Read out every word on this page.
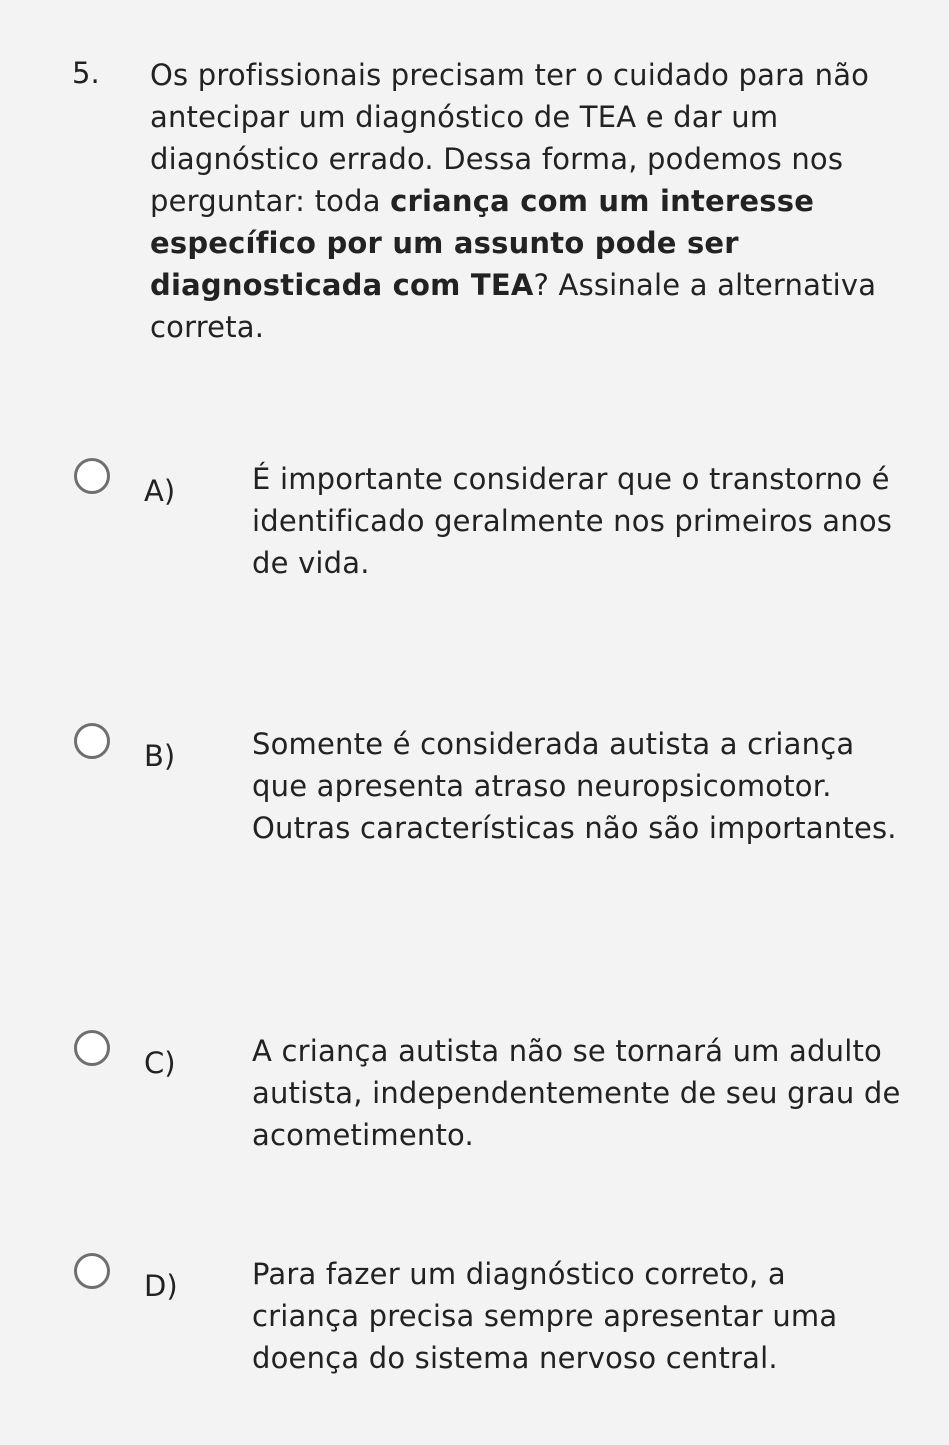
5. Os profissionais precisam ter o cuidado para não antecipar um diagnóstico de TEA e dar um diagnóstico errado. Dessa forma, podemos nos perguntar: toda criança com um interesse específico por um assunto pode ser diagnosticada com TEA? Assinale a alternativa correta.
A)	É importante considerar que o transtorno é identificado geralmente nos primeiros anos de vida.
B)	Somente é considerada autista a criança que apresenta atraso neuropsicomotor. Outras características não são importantes.
C)	A criança autista não se tornará um adulto autista, independentemente de seu grau de acometimento.
D)	Para fazer um diagnóstico correto, a criança precisa sempre apresentar uma doença do sistema nervoso central.
